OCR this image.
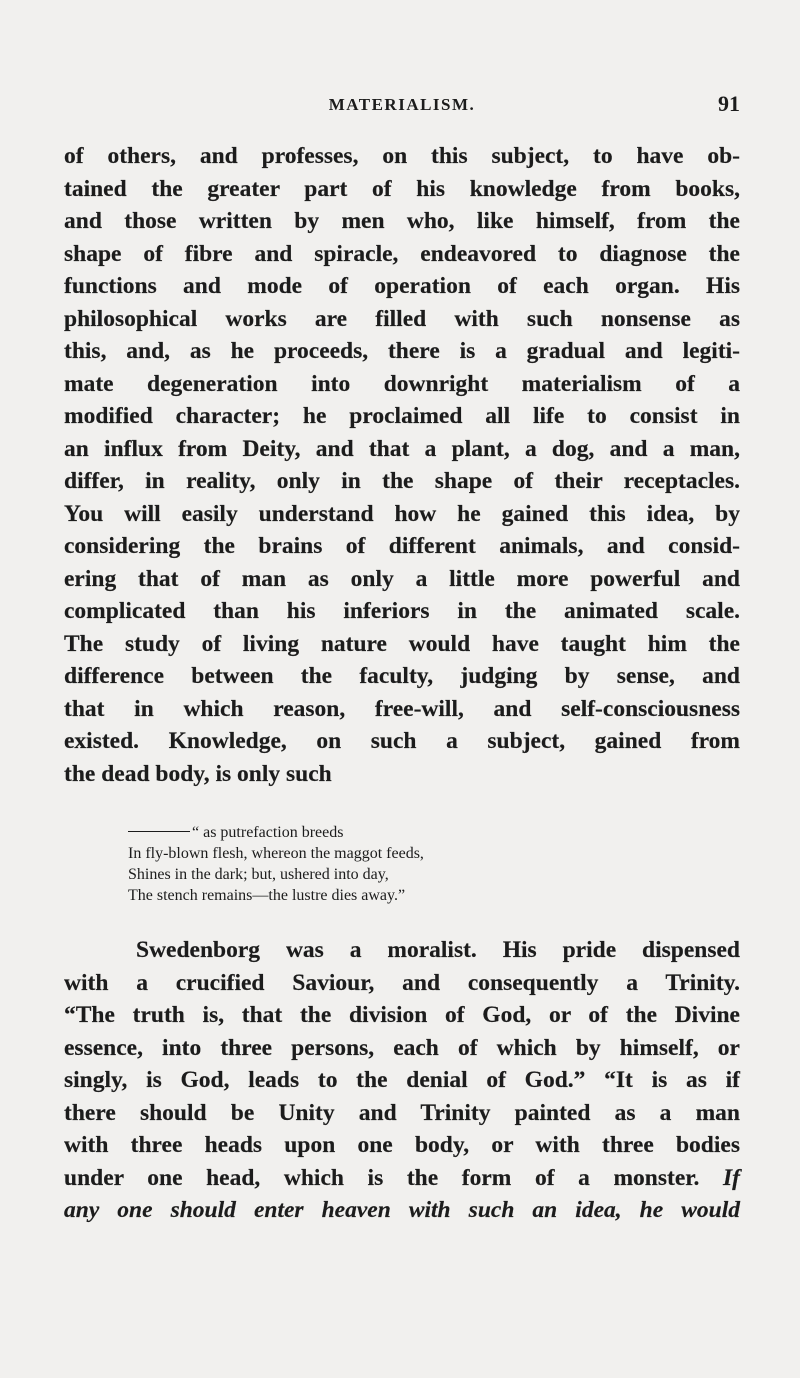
MATERIALISM.	91
of others, and professes, on this subject, to have ob-
tained the greater part of his knowledge from books,
and those written by men who, like himself, from the
shape of fibre and spiracle, endeavored to diagnose the
functions and mode of operation of each organ. His
philosophical works are filled with such nonsense as
this, and, as he proceeds, there is a gradual and legiti-
mate degeneration into downright materialism of a
modified character; he proclaimed all life to consist in
an influx from Deity, and that a plant, a dog, and a man,
differ, in reality, only in the shape of their receptacles.
You will easily understand how he gained this idea, by
considering the brains of different animals, and consid-
ering that of man as only a little more powerful and
complicated than his inferiors in the animated scale.
The study of living nature would have taught him the
difference between the faculty, judging by sense, and
that in which reason, free-will, and self-consciousness
existed. Knowledge, on such a subject, gained from
the dead body, is only such
“ as putrefaction breeds
In fly-blown flesh, whereon the maggot feeds,
Shines in the dark; but, ushered into day,
The stench remains—the lustre dies away.”
Swedenborg was a moralist. His pride dispensed
with a crucified Saviour, and consequently a Trinity.
“The truth is, that the division of God, or of the Divine
essence, into three persons, each of which by himself, or
singly, is God, leads to the denial of God.” “It is as if
there should be Unity and Trinity painted as a man
with three heads upon one body, or with three bodies
under one head, which is the form of a monster. If
any one should enter heaven with such an idea, he would
